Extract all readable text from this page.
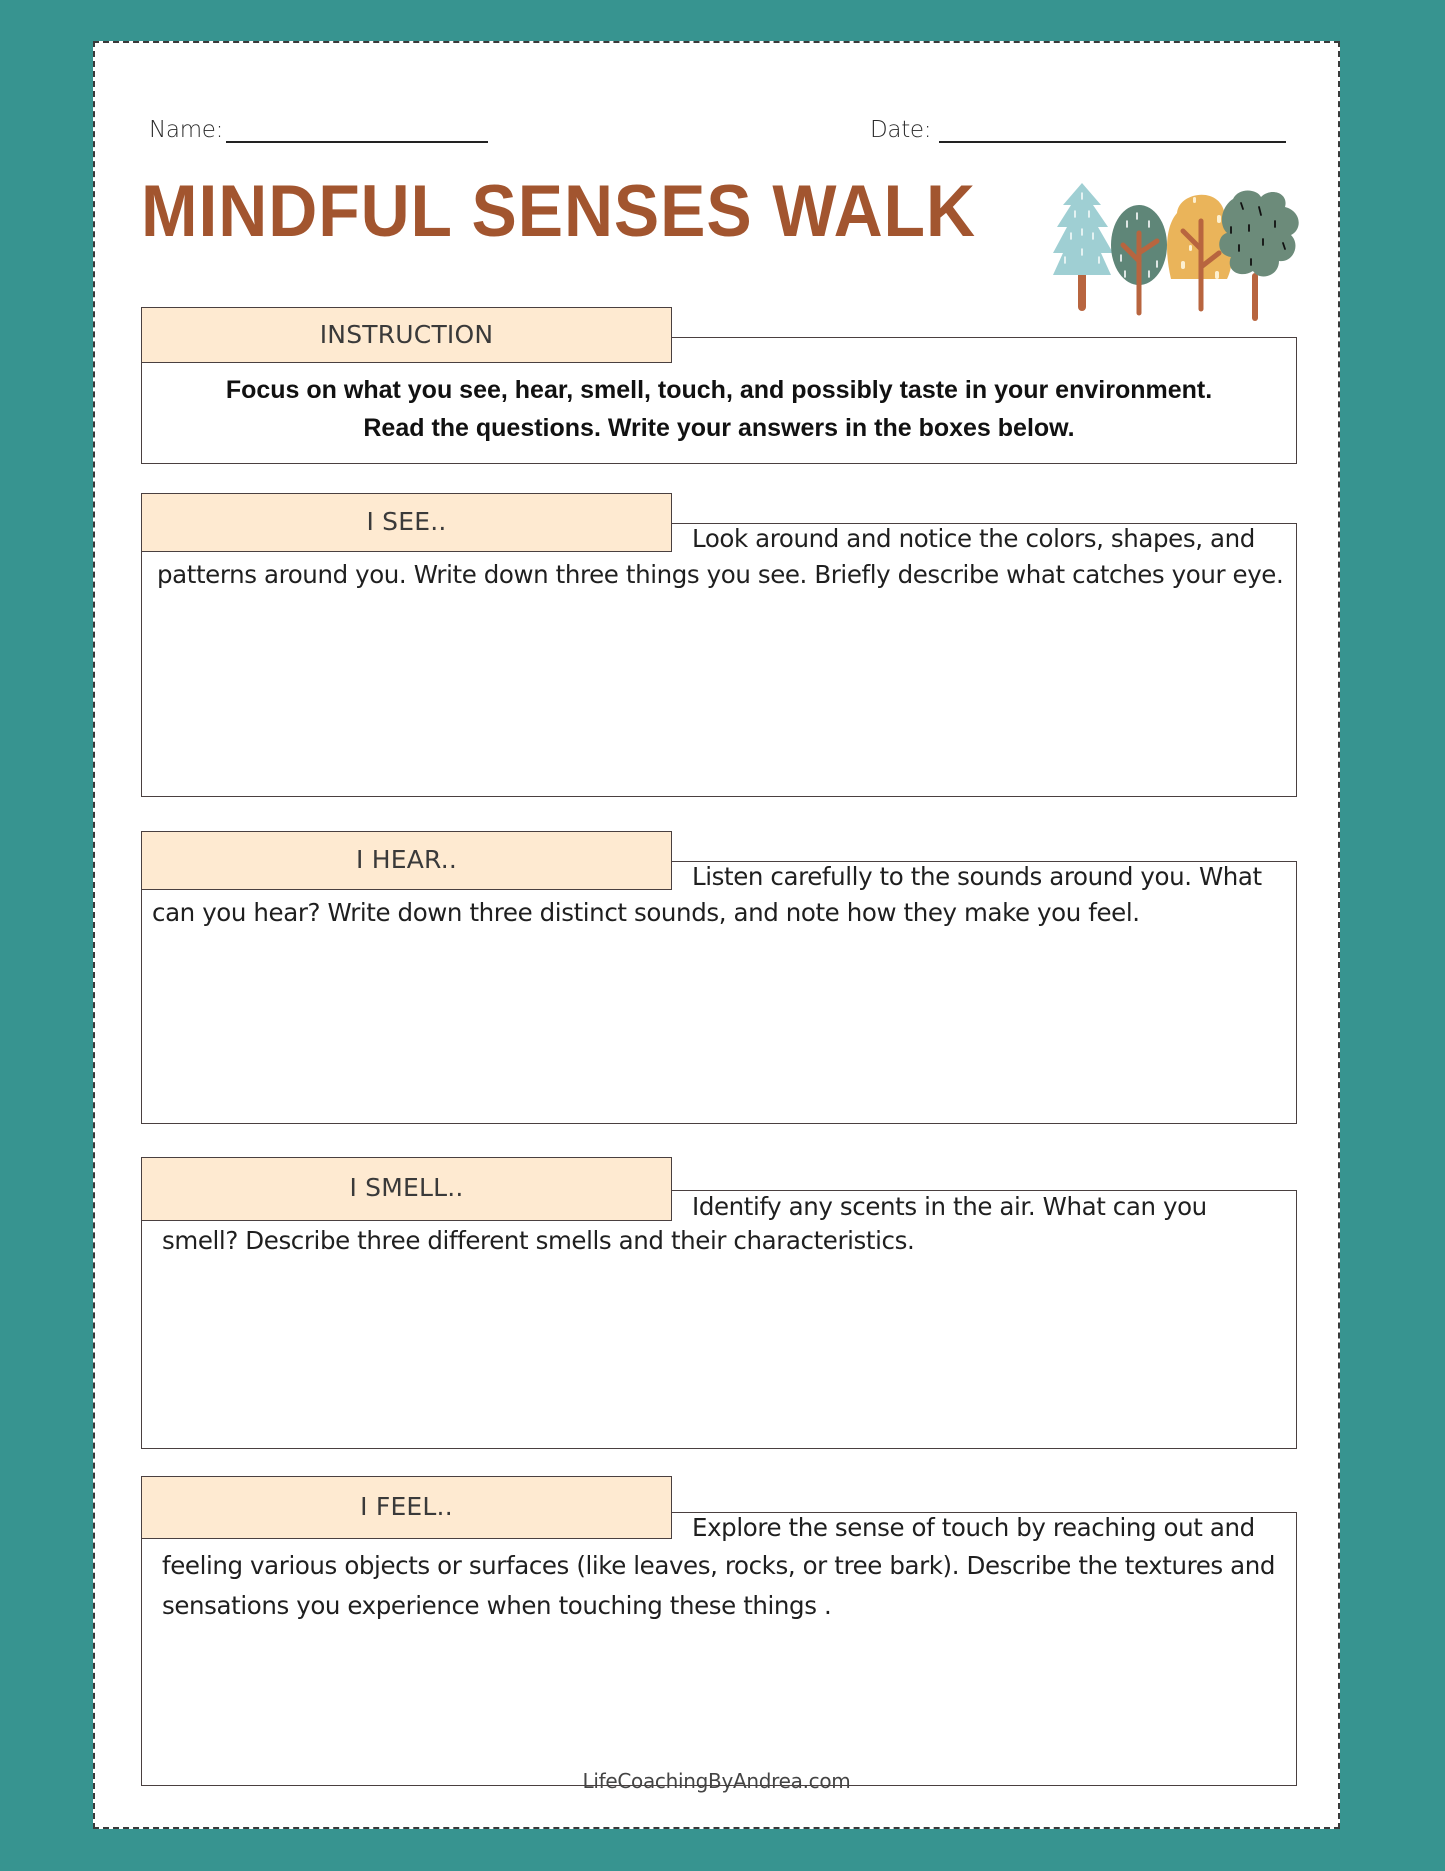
Name:	Date:
MINDFUL SENSES WALK
INSTRUCTION
Focus on what you see, hear, smell, touch, and possibly taste in your environment.
Read the questions. Write your answers in the boxes below.
I SEE..
Look around and notice the colors, shapes, and
patterns around you. Write down three things you see. Briefly describe what catches your eye.
I HEAR..
Listen carefully to the sounds around you. What
can you hear? Write down three distinct sounds, and note how they make you feel.
I SMELL..
Identify any scents in the air. What can you
smell? Describe three different smells and their characteristics.
I FEEL..
Explore the sense of touch by reaching out and
feeling various objects or surfaces (like leaves, rocks, or tree bark). Describe the textures and
sensations you experience when touching these things .
LifeCoachingByAndrea.com
